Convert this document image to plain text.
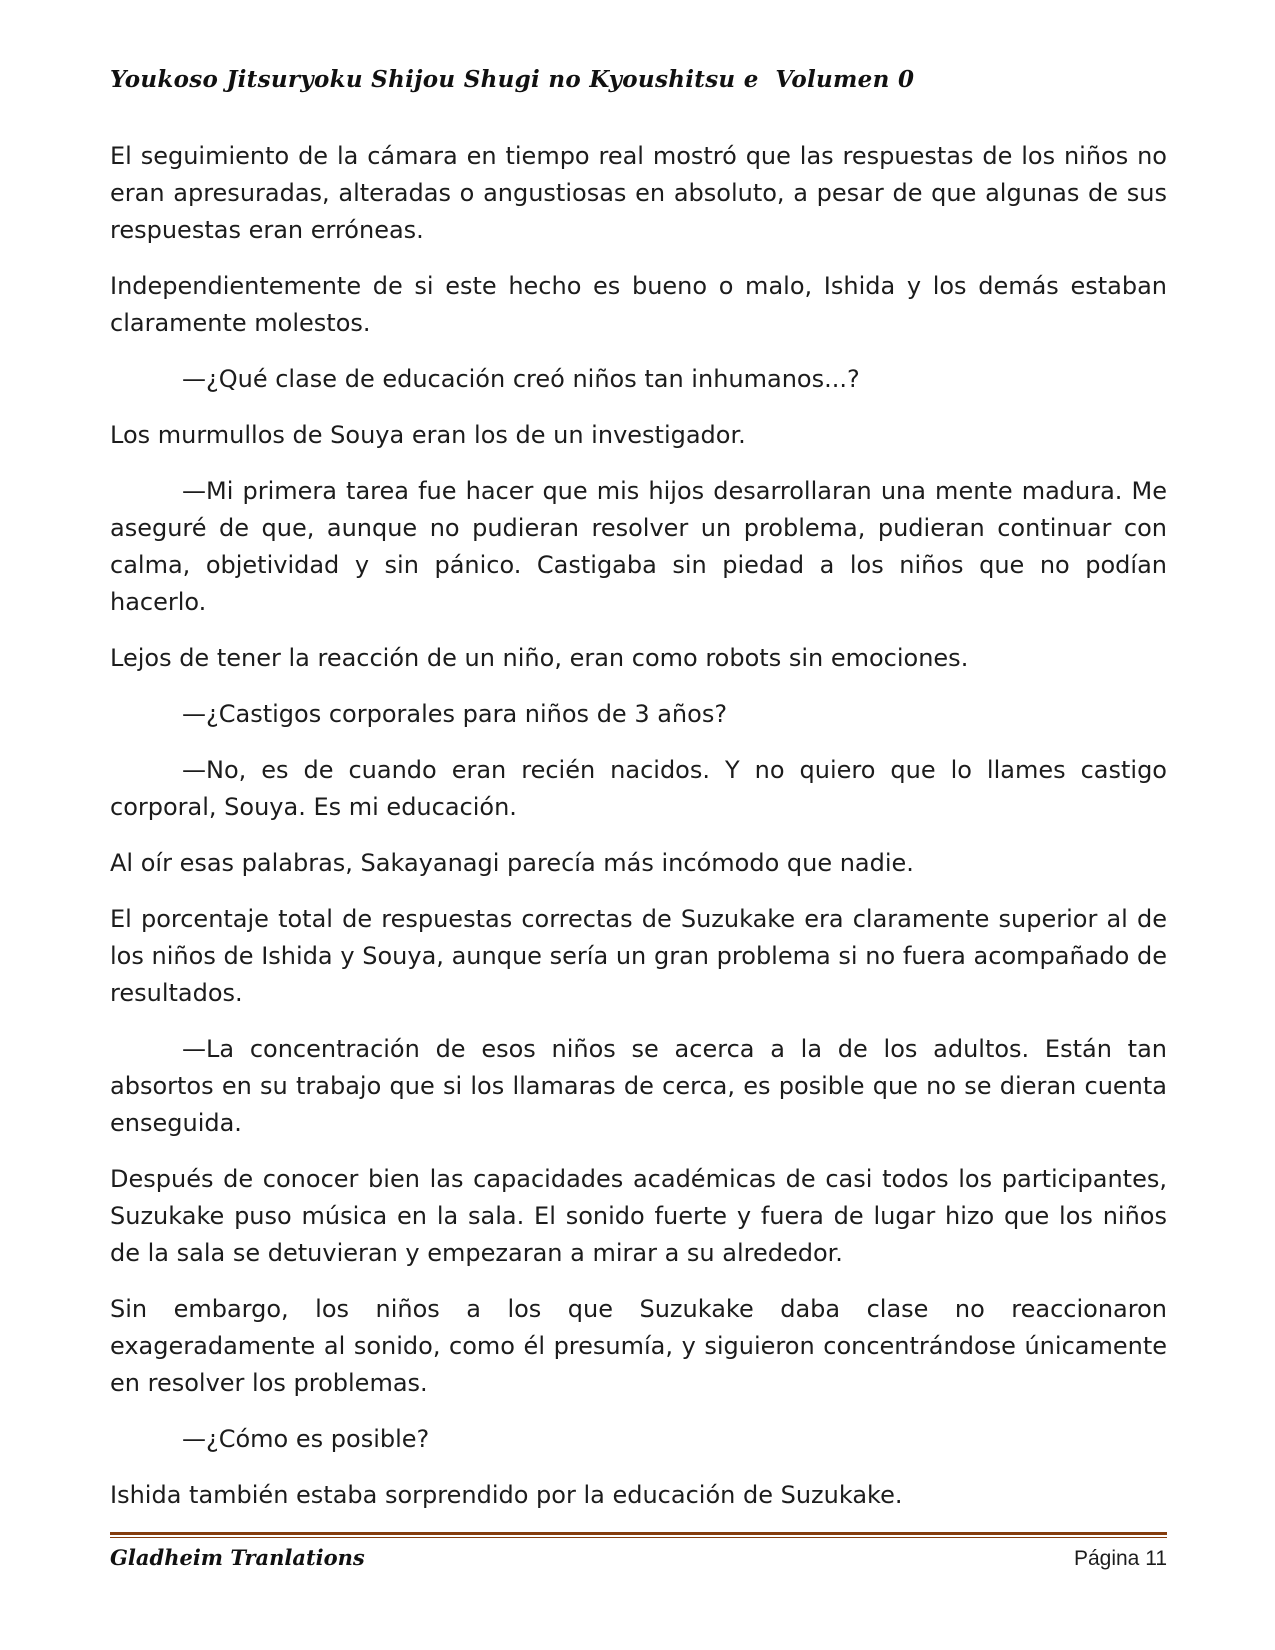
Youkoso Jitsuryoku Shijou Shugi no Kyoushitsu e  Volumen 0

El seguimiento de la cámara en tiempo real mostró que las respuestas de los niños no eran apresuradas, alteradas o angustiosas en absoluto, a pesar de que algunas de sus respuestas eran erróneas.

Independientemente de si este hecho es bueno o malo, Ishida y los demás estaban claramente molestos.

—¿Qué clase de educación creó niños tan inhumanos...?

Los murmullos de Souya eran los de un investigador.

—Mi primera tarea fue hacer que mis hijos desarrollaran una mente madura. Me aseguré de que, aunque no pudieran resolver un problema, pudieran continuar con calma, objetividad y sin pánico. Castigaba sin piedad a los niños que no podían hacerlo.

Lejos de tener la reacción de un niño, eran como robots sin emociones.

—¿Castigos corporales para niños de 3 años?

—No, es de cuando eran recién nacidos. Y no quiero que lo llames castigo corporal, Souya. Es mi educación.

Al oír esas palabras, Sakayanagi parecía más incómodo que nadie.

El porcentaje total de respuestas correctas de Suzukake era claramente superior al de los niños de Ishida y Souya, aunque sería un gran problema si no fuera acompañado de resultados.

—La concentración de esos niños se acerca a la de los adultos. Están tan absortos en su trabajo que si los llamaras de cerca, es posible que no se dieran cuenta enseguida.

Después de conocer bien las capacidades académicas de casi todos los participantes, Suzukake puso música en la sala. El sonido fuerte y fuera de lugar hizo que los niños de la sala se detuvieran y empezaran a mirar a su alrededor.

Sin embargo, los niños a los que Suzukake daba clase no reaccionaron exageradamente al sonido, como él presumía, y siguieron concentrándose únicamente en resolver los problemas.

—¿Cómo es posible?

Ishida también estaba sorprendido por la educación de Suzukake.

Gladheim Tranlations	Página 11
